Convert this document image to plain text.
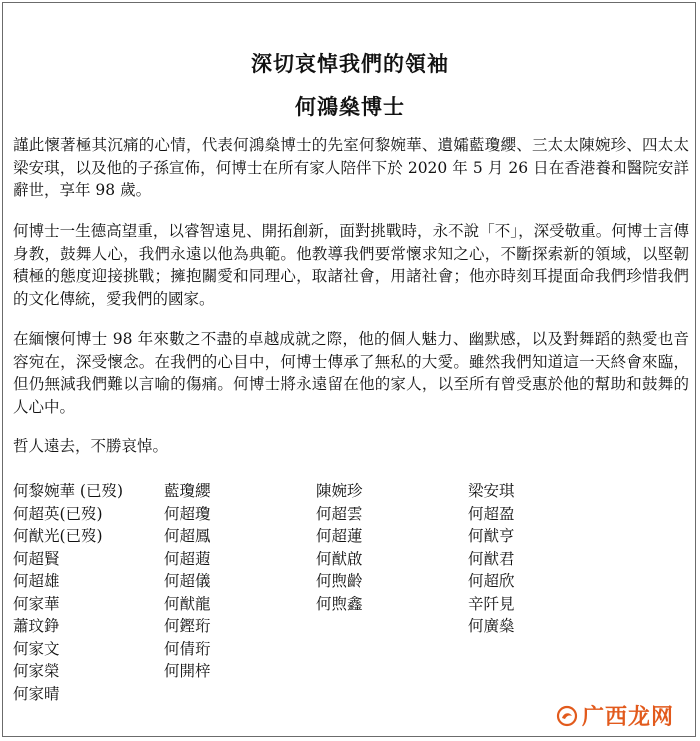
深切哀悼我們的領袖
何鴻燊博士

謹此懷著極其沉痛的心情，代表何鴻燊博士的先室何黎婉華、遺孀藍瓊纓、三太太陳婉珍、四太太梁安琪，以及他的子孫宣佈，何博士在所有家人陪伴下於 2020 年 5 月 26 日在香港養和醫院安詳辭世，享年 98 歲。

何博士一生德高望重，以睿智遠見、開拓創新，面對挑戰時，永不說「不」，深受敬重。何博士言傳身教，鼓舞人心，我們永遠以他為典範。他教導我們要常懷求知之心，不斷探索新的領域，以堅韌積極的態度迎接挑戰；擁抱關愛和同理心，取諸社會，用諸社會；他亦時刻耳提面命我們珍惜我們的文化傳統，愛我們的國家。

在緬懷何博士 98 年來數之不盡的卓越成就之際，他的個人魅力、幽默感，以及對舞蹈的熱愛也音容宛在，深受懷念。在我們的心目中，何博士傳承了無私的大愛。雖然我們知道這一天終會來臨，但仍無減我們難以言喻的傷痛。何博士將永遠留在他的家人，以至所有曾受惠於他的幫助和鼓舞的人心中。

哲人遠去，不勝哀悼。

何黎婉華 (已歿)
何超英(已歿)
何猷光(已歿)
何超賢
何超雄
何家華
蕭玟錚
何家文
何家榮
何家晴
藍瓊纓
何超瓊
何超鳳
何超蕸
何超儀
何猷龍
何鏗珩
何倩珩
何開梓
陳婉珍
何超雲
何超蓮
何猷啟
何煦齡
何煦鑫
梁安琪
何超盈
何猷亨
何猷君
何超欣
辛阡見
何廣燊
广西龙网
